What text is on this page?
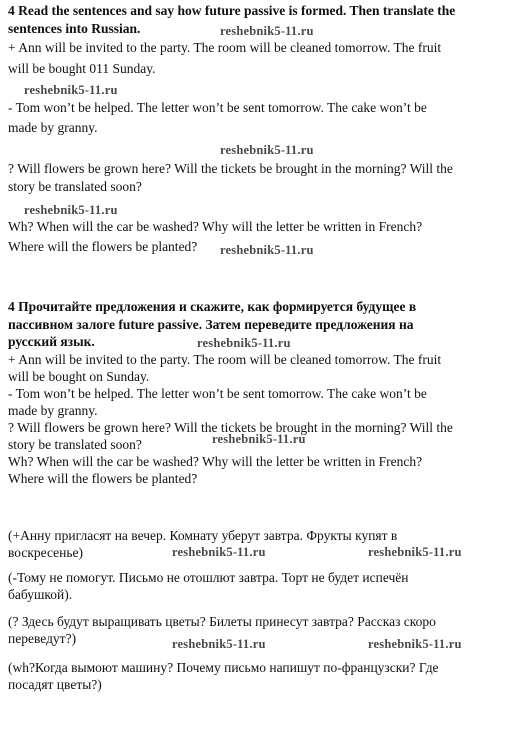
4 Read the sentences and say how future passive is formed. Then translate the
sentences into Russian.
+ Ann will be invited to the party. The room will be cleaned tomorrow. The fruit
will be bought 011 Sunday.
- Tom won’t be helped. The letter won’t be sent tomorrow. The cake won’t be
made by granny.
? Will flowers be grown here? Will the tickets be brought in the morning? Will the
story be translated soon?
Wh? When will the car be washed? Why will the letter be written in French?
Where will the flowers be planted?
4 Прочитайте предложения и скажите, как формируется будущее в
пассивном залоге future passive. Затем переведите предложения на
русский язык.
+ Ann will be invited to the party. The room will be cleaned tomorrow. The fruit
will be bought on Sunday.
- Tom won’t be helped. The letter won’t be sent tomorrow. The cake won’t be
made by granny.
? Will flowers be grown here? Will the tickets be brought in the morning? Will the
story be translated soon?
Wh? When will the car be washed? Why will the letter be written in French?
Where will the flowers be planted?
(+Анну пригласят на вечер. Комнату уберут завтра. Фрукты купят в
воскресенье)
(-Тому не помогут. Письмо не отошлют завтра. Торт не будет испечён
бабушкой).
(? Здесь будут выращивать цветы? Билеты принесут завтра? Рассказ скоро
переведут?)
(wh?Когда вымоют машину? Почему письмо напишут по-французски? Где
посадят цветы?)
reshebnik5-11.ru
reshebnik5-11.ru
reshebnik5-11.ru
reshebnik5-11.ru
reshebnik5-11.ru
reshebnik5-11.ru
reshebnik5-11.ru
reshebnik5-11.ru	reshebnik5-11.ru
reshebnik5-11.ru	reshebnik5-11.ru
